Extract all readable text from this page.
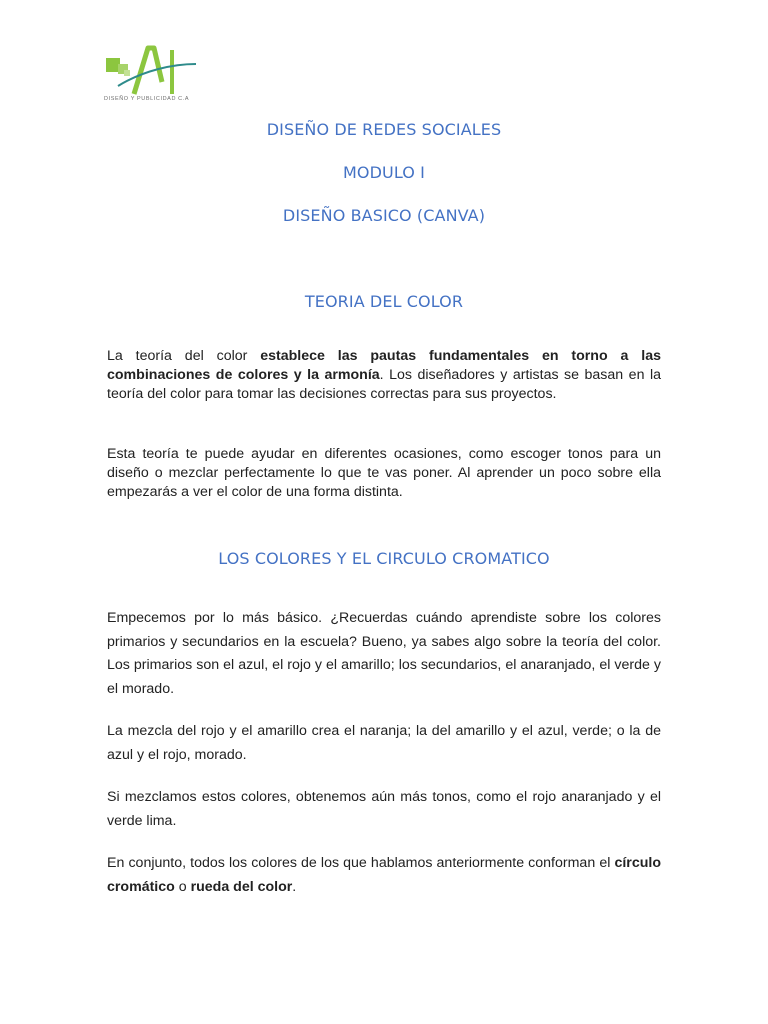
DISEÑO Y PUBLICIDAD C.A
DISEÑO DE REDES SOCIALES
MODULO I
DISEÑO BASICO (CANVA)
TEORIA DEL COLOR

La teoría del color establece las pautas fundamentales en torno a las combinaciones de colores y la armonía. Los diseñadores y artistas se basan en la teoría del color para tomar las decisiones correctas para sus proyectos.

Esta teoría te puede ayudar en diferentes ocasiones, como escoger tonos para un diseño o mezclar perfectamente lo que te vas poner. Al aprender un poco sobre ella empezarás a ver el color de una forma distinta.

LOS COLORES Y EL CIRCULO CROMATICO

Empecemos por lo más básico. ¿Recuerdas cuándo aprendiste sobre los colores primarios y secundarios en la escuela? Bueno, ya sabes algo sobre la teoría del color. Los primarios son el azul, el rojo y el amarillo; los secundarios, el anaranjado, el verde y el morado.

La mezcla del rojo y el amarillo crea el naranja; la del amarillo y el azul, verde; o la de azul y el rojo, morado.

Si mezclamos estos colores, obtenemos aún más tonos, como el rojo anaranjado y el verde lima.

En conjunto, todos los colores de los que hablamos anteriormente conforman el círculo cromático o rueda del color.
